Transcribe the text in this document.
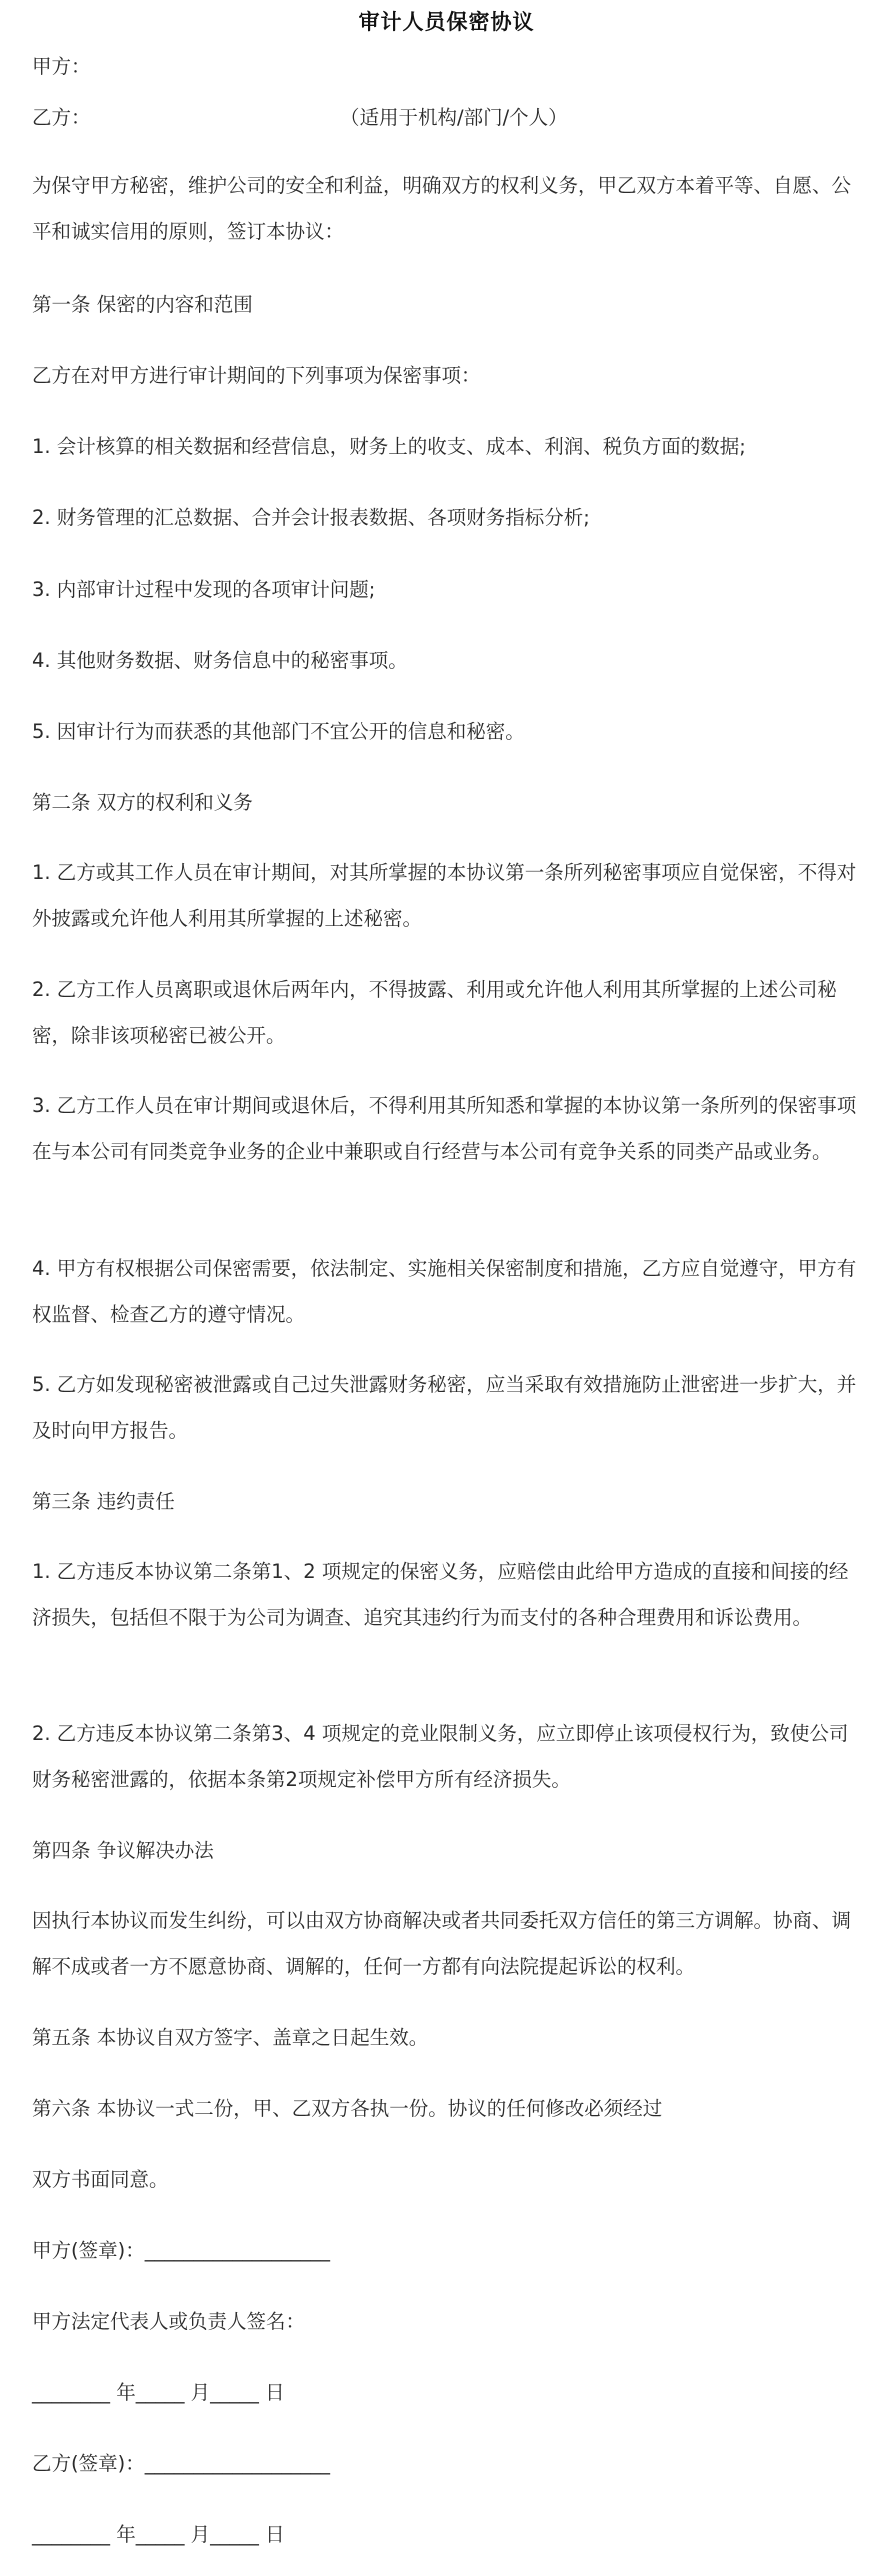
审计人员保密协议
甲方：
乙方：	（适用于机构/部门/个人）
为保守甲方秘密，维护公司的安全和利益，明确双方的权利义务，甲乙双方本着平等、自愿、公平和诚实信用的原则，签订本协议：
第一条 保密的内容和范围
乙方在对甲方进行审计期间的下列事项为保密事项：
1. 会计核算的相关数据和经营信息，财务上的收支、成本、利润、税负方面的数据;
2. 财务管理的汇总数据、合并会计报表数据、各项财务指标分析;
3. 内部审计过程中发现的各项审计问题;
4. 其他财务数据、财务信息中的秘密事项。
5. 因审计行为而获悉的其他部门不宜公开的信息和秘密。
第二条 双方的权利和义务
1. 乙方或其工作人员在审计期间，对其所掌握的本协议第一条所列秘密事项应自觉保密，不得对外披露或允许他人利用其所掌握的上述秘密。
2. 乙方工作人员离职或退休后两年内，不得披露、利用或允许他人利用其所掌握的上述公司秘密，除非该项秘密已被公开。
3. 乙方工作人员在审计期间或退休后，不得利用其所知悉和掌握的本协议第一条所列的保密事项在与本公司有同类竞争业务的企业中兼职或自行经营与本公司有竞争关系的同类产品或业务。
4. 甲方有权根据公司保密需要，依法制定、实施相关保密制度和措施，乙方应自觉遵守，甲方有权监督、检查乙方的遵守情况。
5. 乙方如发现秘密被泄露或自己过失泄露财务秘密，应当采取有效措施防止泄密进一步扩大，并及时向甲方报告。
第三条 违约责任
1. 乙方违反本协议第二条第1、2 项规定的保密义务，应赔偿由此给甲方造成的直接和间接的经济损失，包括但不限于为公司为调查、追究其违约行为而支付的各种合理费用和诉讼费用。
2. 乙方违反本协议第二条第3、4 项规定的竞业限制义务，应立即停止该项侵权行为，致使公司财务秘密泄露的，依据本条第2项规定补偿甲方所有经济损失。
第四条 争议解决办法
因执行本协议而发生纠纷，可以由双方协商解决或者共同委托双方信任的第三方调解。协商、调解不成或者一方不愿意协商、调解的，任何一方都有向法院提起诉讼的权利。
第五条 本协议自双方签字、盖章之日起生效。
第六条 本协议一式二份，甲、乙双方各执一份。协议的任何修改必须经过
双方书面同意。
甲方(签章)：___________________
甲方法定代表人或负责人签名：
________ 年_____ 月_____ 日
乙方(签章)：___________________
________ 年_____ 月_____ 日
